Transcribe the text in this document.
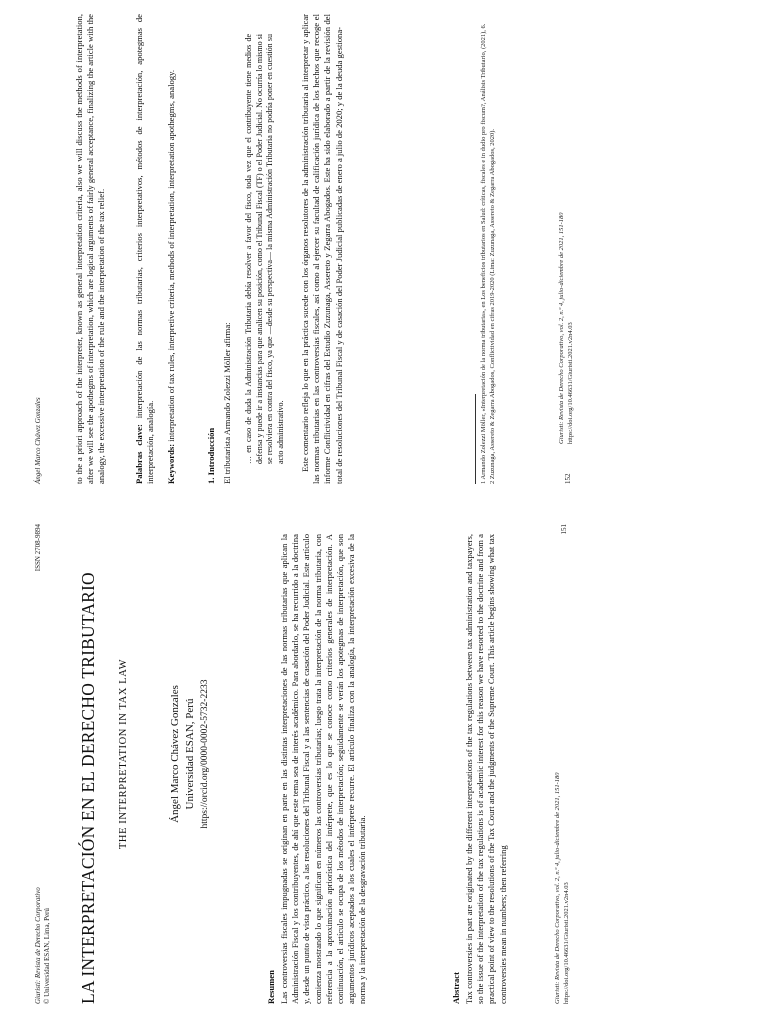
Giuristi: Revista de Derecho Corporativo © Universidad ESAN, Lima, Perú
ISSN 2708-9894
LA INTERPRETACIÓN EN EL DERECHO TRIBUTARIO THE INTERPRETATION IN TAX LAW	Ángel Marco Chávez Gonzales Universidad ESAN, Perú https://orcid.org/0000-0002-5732-2233
Resumen Las controversias fiscales impugnadas se originan en parte en las distintas interpretaciones de las normas tributarias que aplican la Administración Fiscal y los contribuyentes, de ahí que este tema sea de interés académico. Para abordarlo, se ha recurrido a la doctrina y, desde un punto de vista práctico, a las resoluciones del Tribunal Fiscal y a las sentencias de casación del Poder Judicial. Este artículo comienza mostrando lo que significan en números las controversias tributarias; luego trata la interpretación de la norma tributaria, con referencia a la aproximación apriorística del intérprete, que es lo que se conoce como criterios generales de interpretación. A continuación, el artículo se ocupa de los métodos de interpretación; seguidamente se verán los apotegmas de interpretación, que son argumentos jurídicos aceptados a los cuales el intérprete recurre. El artículo finaliza con la analogía, la interpretación excesiva de la norma y la interpretación de la desgravación tributaria.	Abstract Tax controversies in part are originated by the different interpretations of the tax regulations between tax administration and taxpayers, so the issue of the interpretation of the tax regulations is of academic interest for this reason we have resorted to the doctrine and from a practical point of view to the resolutions of the Tax Court and the judgments of the Supreme Court. This article begins showing what tax controversies mean in numbers; then referring	Giuristi: Revista de Derecho Corporativo, vol. 2, n.º 4, julio-diciembre de 2021, 151-180 https://doi.org/10.46631/Giuristi.2021.v2n4.03
151
Ángel Marco Chávez Gonzales	to the a priori approach of the interpreter, known as general interpretation criteria, also we will discuss the methods of interpretation, after we will see the apothegms of interpretation, which are logical arguments of fairly general acceptance, finalizing the article with the analogy, the excessive interpretation of the rule and the interpretation of the tax relief.	Palabras clave: interpretación de las normas tributarias, criterios interpretativos, métodos de interpretación, apotegmas de interpretación, analogía. Keywords: interpretation of tax rules, interpretive criteria, methods of interpretation, interpretation apothegms, analogy.
1. Introducción El tributarista Armando Zolezzi Möller afirma: … en caso de duda la Administración Tributaria debía resolver a favor del fisco, toda vez que el contribuyente tiene medios de defensa y puede ir a instancias para que analicen su posición, como el Tribunal Fiscal (TF) o el Poder Judicial. No ocurría lo mismo si se resolviera en contra del fisco, ya que —desde su perspectiva— la misma Administración Tributaria no podría poner en cuestión su acto administrativo. Este comentario refleja lo que en la práctica sucede con los órganos resolutores de la administración tributaria al interpretar y aplicar las normas tributarias en las controversias fiscales, así como al ejercer su facultad de calificación jurídica de los hechos que recoge el informe Conflictividad en cifras del Estudio Zuzunaga, Assereto y Zegarra Abogados. Este ha sido elaborado a partir de la revisión del total de resoluciones del Tribunal Fiscal y de casación del Poder Judicial publicadas de enero a julio de 2020; y de la deuda gestiona-	1 Armando Zolezzi Möller, «Interpretación de la norma tributaria», en Los beneficios tributarios en Salud: críticas, fiscales e in dudio pro fiscum?, Análisis Tributario, (2021), 6. 2 Zuzunaga, Assereto & Zegarra Abogados, Conflictividad en cifras 2019-2020 (Lima: Zuzunaga, Assereto & Zegarra Abogados, 2020).	152
Giuristi: Revista de Derecho Corporativo, vol. 2, n.º 4, julio-diciembre de 2021, 151-180 https://doi.org/10.46631/Giuristi.2021.v2n4.03
